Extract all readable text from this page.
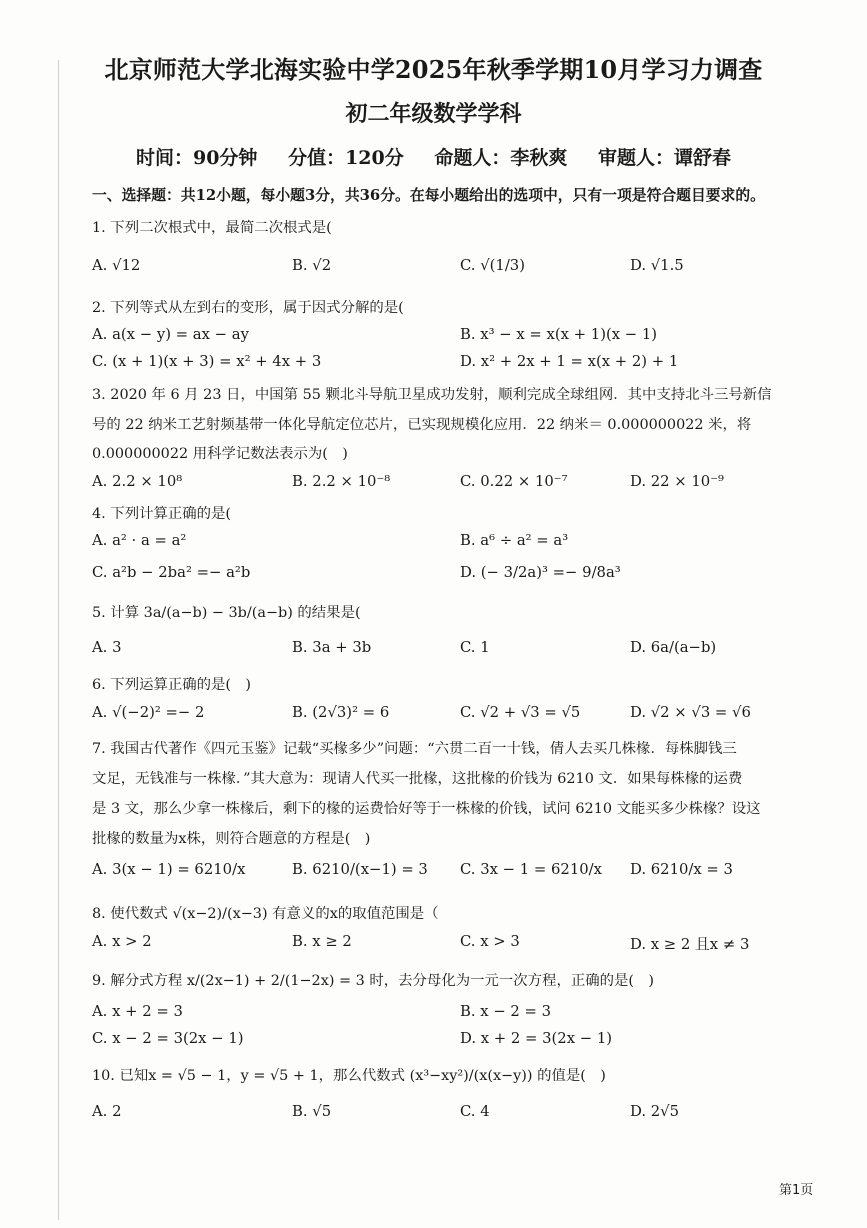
北京师范大学北海实验中学2025年秋季学期10月学习力调查
初二年级数学学科
时间：90分钟 分值：120分 命题人：李秋爽 审题人：谭舒春
一、选择题：共12小题，每小题3分，共36分。在每小题给出的选项中，只有一项是符合题目要求的。
1. 下列二次根式中，最简二次根式是(
A. √12	B. √2	C. √(1/3)	D. √1.5
2. 下列等式从左到右的变形，属于因式分解的是(
A. a(x − y) = ax − ay	B. x³ − x = x(x + 1)(x − 1)
C. (x + 1)(x + 3) = x² + 4x + 3	D. x² + 2x + 1 = x(x + 2) + 1
3. 2020 年 6 月 23 日，中国第 55 颗北斗导航卫星成功发射，顺利完成全球组网．其中支持北斗三号新信
号的 22 纳米工艺射频基带一体化导航定位芯片，已实现规模化应用．22 纳米＝ 0.000000022 米，将
0.000000022 用科学记数法表示为(　)
A. 2.2 × 10⁸	B. 2.2 × 10⁻⁸	C. 0.22 × 10⁻⁷	D. 22 × 10⁻⁹
4. 下列计算正确的是(
A. a² · a = a²	B. a⁶ ÷ a² = a³
C. a²b − 2ba² =− a²b	D. (− 3/2a)³ =− 9/8a³
5. 计算 3a/(a−b) − 3b/(a−b) 的结果是(
A. 3	B. 3a + 3b	C. 1	D. 6a/(a−b)
6. 下列运算正确的是(　)
A. √(−2)² =− 2	B. (2√3)² = 6	C. √2 + √3 = √5	D. √2 × √3 = √6
7. 我国古代著作《四元玉鉴》记载“买椽多少”问题：“六贯二百一十钱，倩人去买几株椽．每株脚钱三
文足，无钱准与一株椽．”其大意为：现请人代买一批椽，这批椽的价钱为 6210 文．如果每株椽的运费
是 3 文，那么少拿一株椽后，剩下的椽的运费恰好等于一株椽的价钱，试问 6210 文能买多少株椽？设这
批椽的数量为x株，则符合题意的方程是(　)
A. 3(x − 1) = 6210/x	B. 6210/(x−1) = 3 C. 3x − 1 = 6210/x D. 6210/x = 3
8. 使代数式 √(x−2)/(x−3) 有意义的x的取值范围是（
A. x > 2	B. x ≥ 2	C. x > 3	D. x ≥ 2 且x ≠ 3
9. 解分式方程 x/(2x−1) + 2/(1−2x) = 3 时，去分母化为一元一次方程，正确的是(　)
A. x + 2 = 3	B. x − 2 = 3
C. x − 2 = 3(2x − 1)	D. x + 2 = 3(2x − 1)
10. 已知x = √5 − 1，y = √5 + 1，那么代数式 (x³−xy²)/(x(x−y)) 的值是(　)
A. 2	B. √5	C. 4	D. 2√5
第1页
